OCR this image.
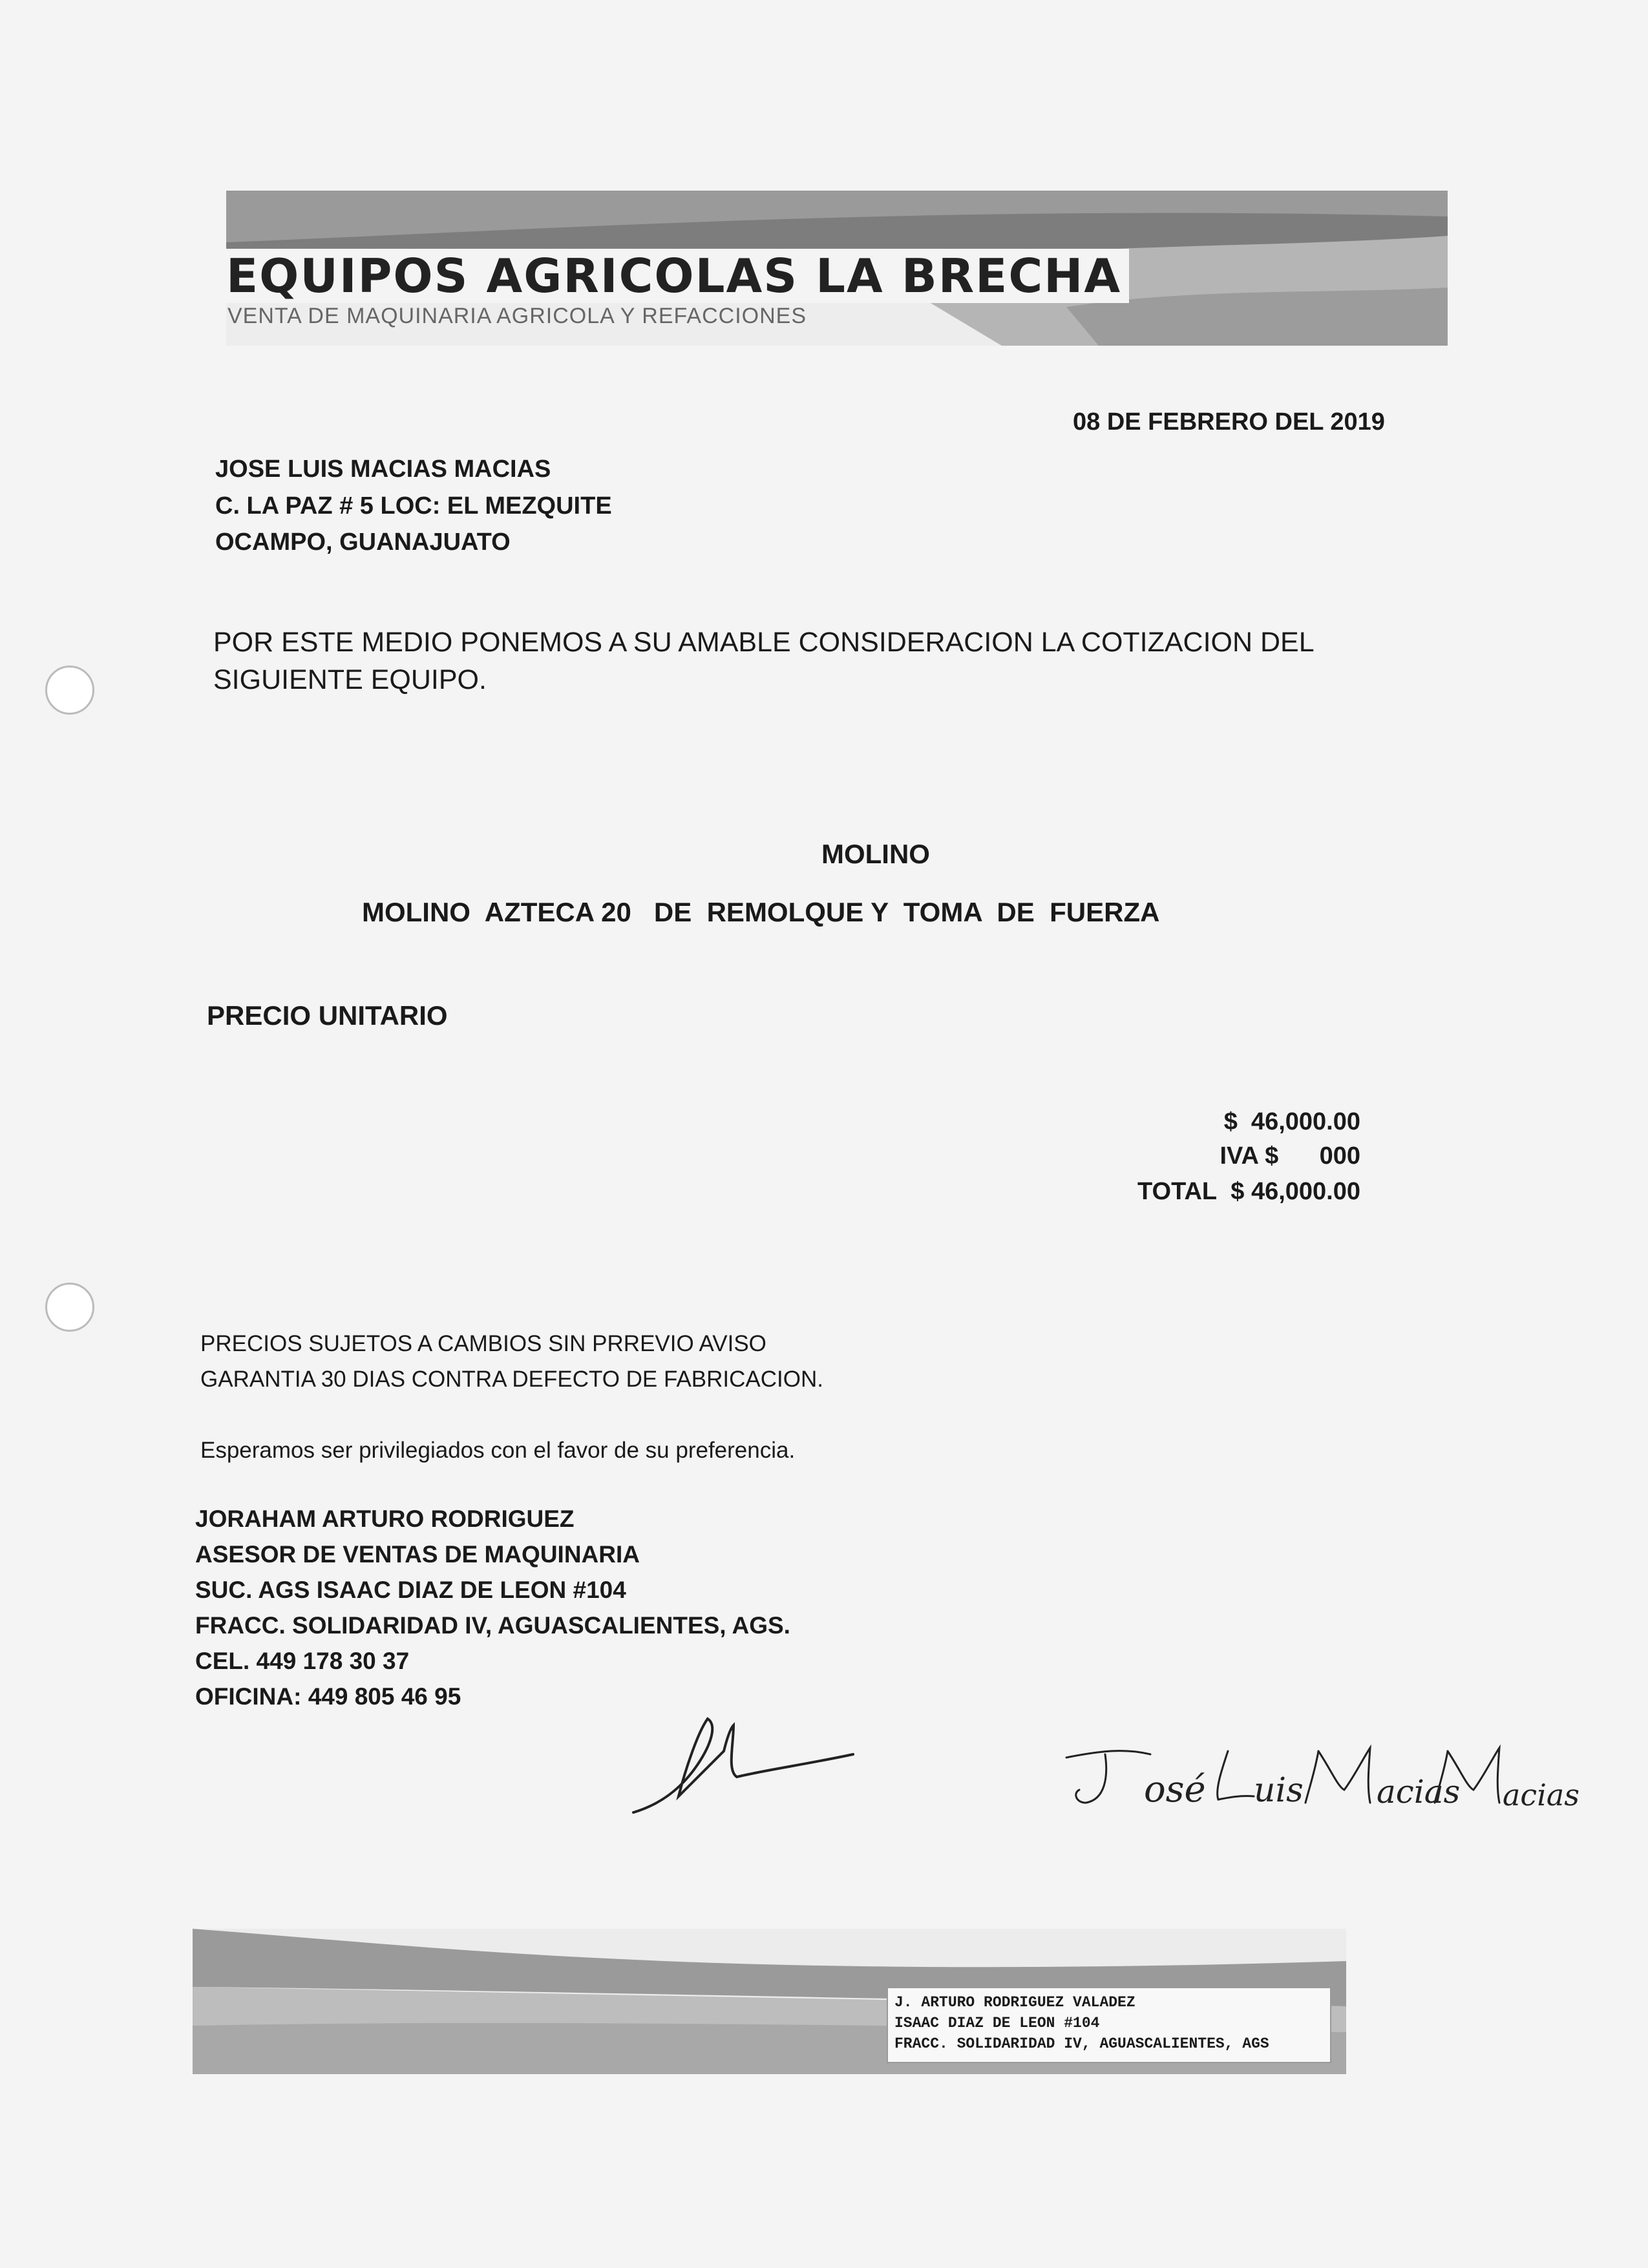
EQUIPOS AGRICOLAS LA BRECHA
VENTA DE MAQUINARIA AGRICOLA Y REFACCIONES
08 DE FEBRERO DEL 2019
JOSE LUIS MACIAS MACIAS
C. LA PAZ # 5 LOC: EL MEZQUITE
OCAMPO, GUANAJUATO
POR ESTE MEDIO PONEMOS A SU AMABLE CONSIDERACION LA COTIZACION DEL SIGUIENTE EQUIPO.
MOLINO
MOLINO  AZTECA 20   DE  REMOLQUE Y  TOMA  DE  FUERZA
PRECIO UNITARIO
$  46,000.00
IVA $      000
TOTAL $ 46,000.00
PRECIOS SUJETOS A CAMBIOS SIN PRREVIO AVISO
GARANTIA 30 DIAS CONTRA DEFECTO DE FABRICACION.
Esperamos ser privilegiados con el favor de su preferencia.
JORAHAM ARTURO RODRIGUEZ
ASESOR DE VENTAS DE MAQUINARIA
SUC. AGS ISAAC DIAZ DE LEON #104
FRACC. SOLIDARIDAD IV, AGUASCALIENTES, AGS.
CEL. 449 178 30 37
OFICINA: 449 805 46 95
osé uis acias acias
J. ARTURO RODRIGUEZ VALADEZ
ISAAC DIAZ DE LEON #104
FRACC. SOLIDARIDAD IV, AGUASCALIENTES, AGS
